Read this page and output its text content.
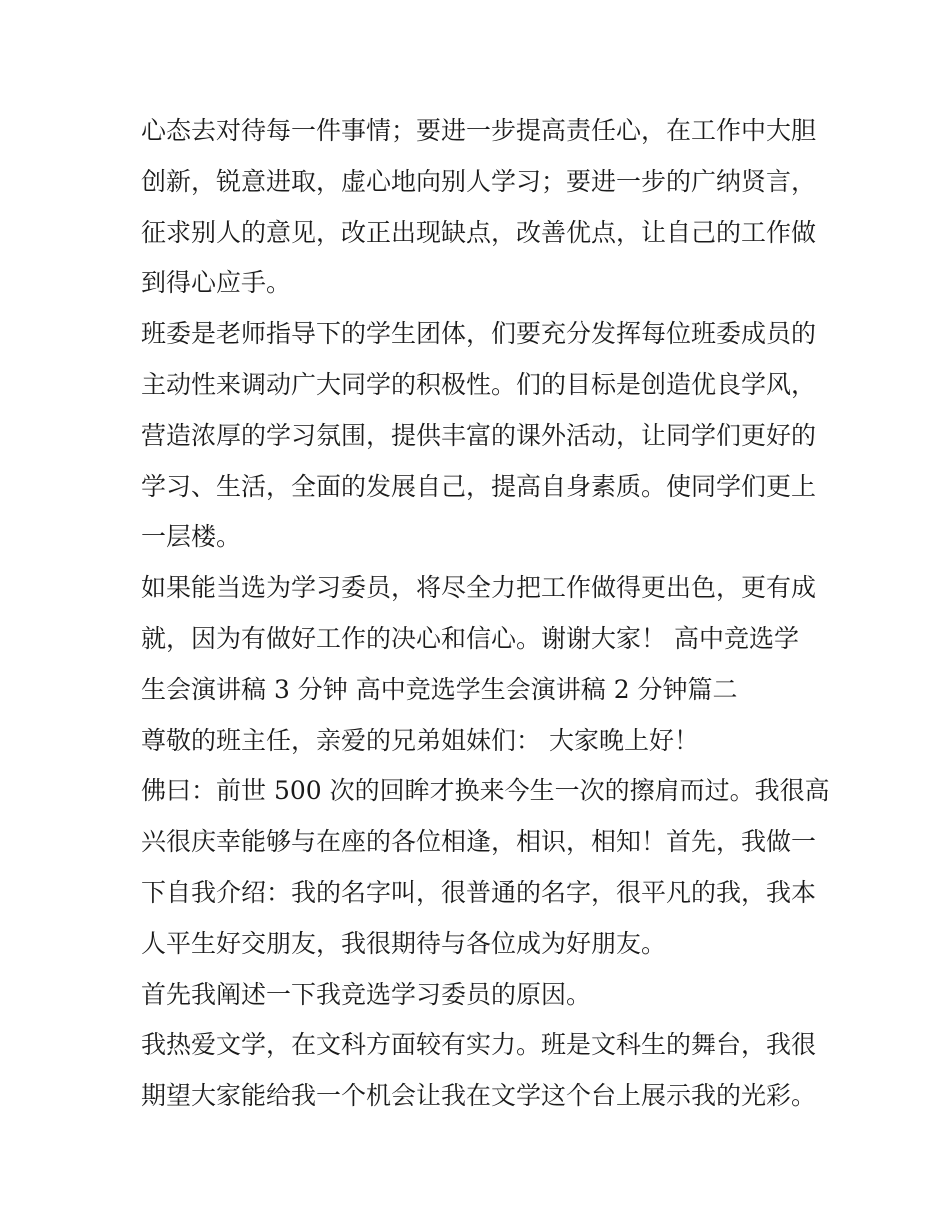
心态去对待每一件事情；要进一步提高责任心，在工作中大胆
创新，锐意进取，虚心地向别人学习；要进一步的广纳贤言，
征求别人的意见，改正出现缺点，改善优点，让自己的工作做
到得心应手。
班委是老师指导下的学生团体，们要充分发挥每位班委成员的
主动性来调动广大同学的积极性。们的目标是创造优良学风，
营造浓厚的学习氛围，提供丰富的课外活动，让同学们更好的
学习、生活，全面的发展自己，提高自身素质。使同学们更上
一层楼。
如果能当选为学习委员，将尽全力把工作做得更出色，更有成
就，因为有做好工作的决心和信心。谢谢大家！ 高中竞选学
生会演讲稿 3 分钟 高中竞选学生会演讲稿 2 分钟篇二
尊敬的班主任，亲爱的兄弟姐妹们： 大家晚上好！
佛曰：前世 500 次的回眸才换来今生一次的擦肩而过。我很高
兴很庆幸能够与在座的各位相逢，相识，相知！首先，我做一
下自我介绍：我的名字叫，很普通的名字，很平凡的我，我本
人平生好交朋友，我很期待与各位成为好朋友。
首先我阐述一下我竞选学习委员的原因。
我热爱文学，在文科方面较有实力。班是文科生的舞台，我很
期望大家能给我一个机会让我在文学这个台上展示我的光彩。
